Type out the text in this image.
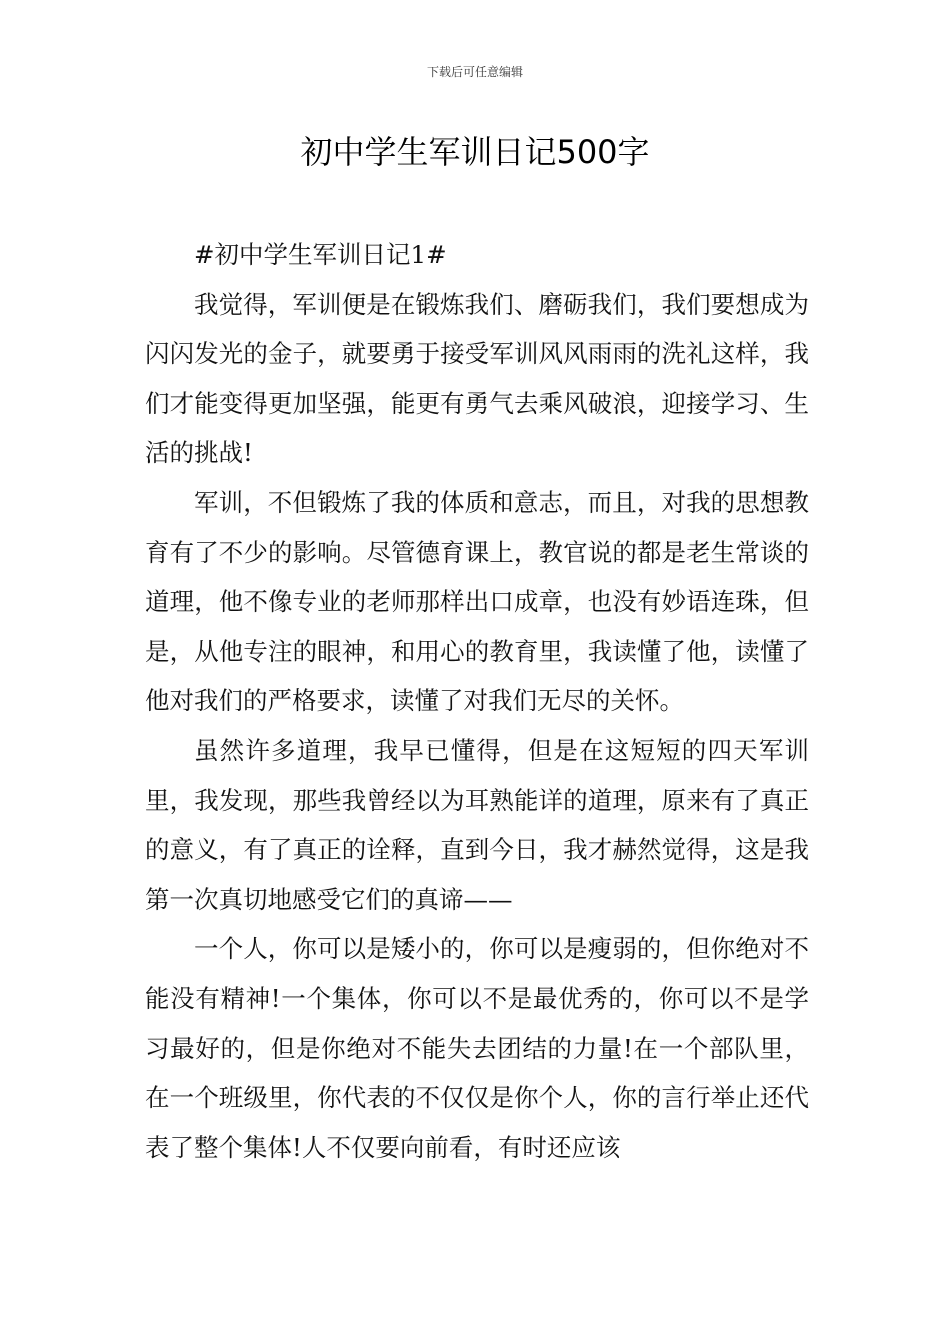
下载后可任意编辑
初中学生军训日记500字

#初中学生军训日记1#

我觉得，军训便是在锻炼我们、磨砺我们，我们要想成为闪闪发光的金子，就要勇于接受军训风风雨雨的洗礼这样，我们才能变得更加坚强，能更有勇气去乘风破浪，迎接学习、生活的挑战!

军训，不但锻炼了我的体质和意志，而且，对我的思想教育有了不少的影响。尽管德育课上，教官说的都是老生常谈的道理，他不像专业的老师那样出口成章，也没有妙语连珠，但是，从他专注的眼神，和用心的教育里，我读懂了他，读懂了他对我们的严格要求，读懂了对我们无尽的关怀。

虽然许多道理，我早已懂得，但是在这短短的四天军训里，我发现，那些我曾经以为耳熟能详的道理，原来有了真正的意义，有了真正的诠释，直到今日，我才赫然觉得，这是我第一次真切地感受它们的真谛——

一个人，你可以是矮小的，你可以是瘦弱的，但你绝对不能没有精神!一个集体，你可以不是最优秀的，你可以不是学习最好的，但是你绝对不能失去团结的力量!在一个部队里，在一个班级里，你代表的不仅仅是你个人，你的言行举止还代表了整个集体!人不仅要向前看，有时还应该
